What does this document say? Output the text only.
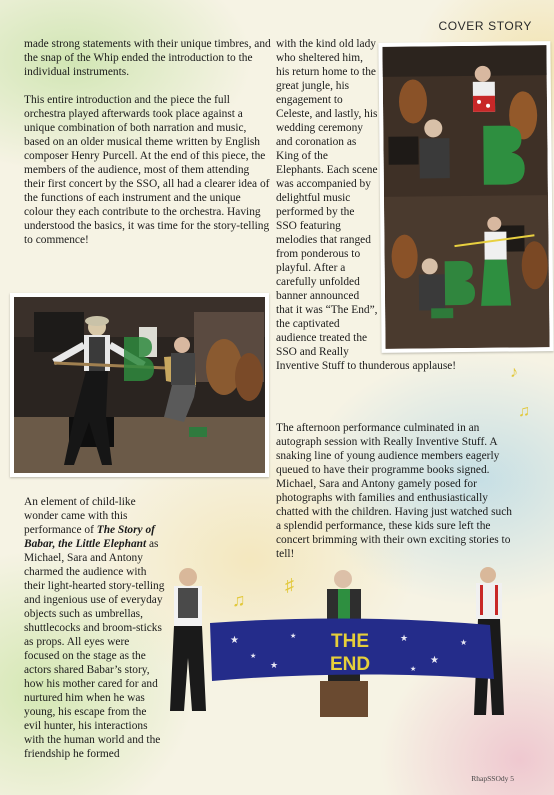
COVER STORY

made strong statements with their unique timbres, and the snap of the Whip ended the introduction to the individual instruments.

This entire introduction and the piece the full orchestra played afterwards took place against a unique combination of both narration and music, based on an older musical theme written by English composer Henry Purcell. At the end of this piece, the members of the audience, most of them attending their first concert by the SSO, all had a clearer idea of the functions of each instrument and the unique colour they each contribute to the orchestra. Having understood the basics, it was time for the story-telling to commence!

with the kind old lady who sheltered him, his return home to the great jungle, his engagement to Celeste, and lastly, his wedding ceremony and coronation as King of the Elephants. Each scene was accompanied by delightful music performed by the SSO featuring melodies that ranged from ponderous to playful. After a carefully unfolded banner announced that it was “The End”, the captivated audience treated the SSO and Really Inventive Stuff to thunderous applause!

The afternoon performance culminated in an autograph session with Really Inventive Stuff. A snaking line of young audience members eagerly queued to have their programme books signed. Michael, Sara and Antony gamely posed for photographs with families and enthusiastically chatted with the children. Having just watched such a splendid performance, these kids sure left the concert brimming with their own exciting stories to tell!

An element of child-like wonder came with this performance of The Story of Babar, the Little Elephant as Michael, Sara and Antony charmed the audience with their light-hearted story-telling and ingenious use of everyday objects such as umbrellas, shuttlecocks and broom-sticks as props. All eyes were focused on the stage as the actors shared Babar’s story, how his mother cared for and nurtured him when he was young, his escape from the evil hunter, his interactions with the human world and the friendship he formed

★
★
★
★
★
★
★
★
THE
END
♫
♪
♫
♯
RhapSSOdy 5
